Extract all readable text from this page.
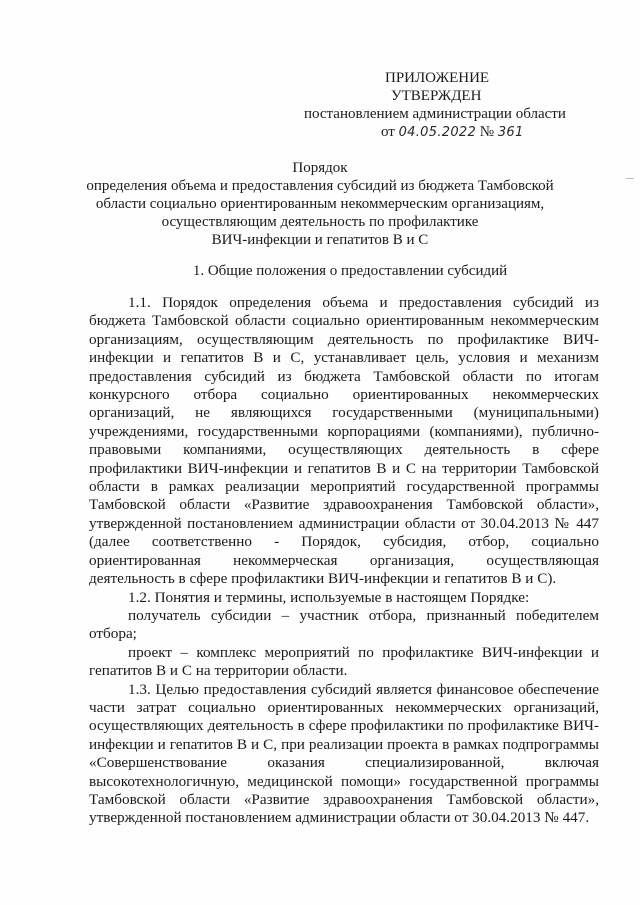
ПРИЛОЖЕНИЕ
УТВЕРЖДЕН
постановлением администрации области
от 04.05.2022 № 361
Порядок
определения объема и предоставления субсидий из бюджета Тамбовской
области социально ориентированным некоммерческим организациям,
осуществляющим деятельность по профилактике
ВИЧ-инфекции и гепатитов В и С
1. Общие положения о предоставлении субсидий

1.1. Порядок определения объема и предоставления субсидий из бюджета Тамбовской области социально ориентированным некоммерческим организациям, осуществляющим деятельность по профилактике ВИЧ-инфекции и гепатитов В и С, устанавливает цель, условия и механизм предоставления субсидий из бюджета Тамбовской области по итогам конкурсного отбора социально ориентированных некоммерческих организаций, не являющихся государственными (муниципальными) учреждениями, государственными корпорациями (компаниями), публично-правовыми компаниями, осуществляющих деятельность в сфере профилактики ВИЧ-инфекции и гепатитов В и С на территории Тамбовской области в рамках реализации мероприятий государственной программы Тамбовской области «Развитие здравоохранения Тамбовской области», утвержденной постановлением администрации области от 30.04.2013 № 447 (далее соответственно - Порядок, субсидия, отбор, социально ориентированная некоммерческая организация, осуществляющая деятельность в сфере профилактики ВИЧ-инфекции и гепатитов В и С).

1.2. Понятия и термины, используемые в настоящем Порядке:

получатель субсидии – участник отбора, признанный победителем отбора;

проект – комплекс мероприятий по профилактике ВИЧ-инфекции и гепатитов В и С на территории области.

1.3. Целью предоставления субсидий является финансовое обеспечение части затрат социально ориентированных некоммерческих организаций, осуществляющих деятельность в сфере профилактики по профилактике ВИЧ-инфекции и гепатитов В и С, при реализации проекта в рамках подпрограммы «Совершенствование оказания специализированной, включая высокотехнологичную, медицинской помощи» государственной программы Тамбовской области «Развитие здравоохранения Тамбовской области», утвержденной постановлением администрации области от 30.04.2013 № 447.
